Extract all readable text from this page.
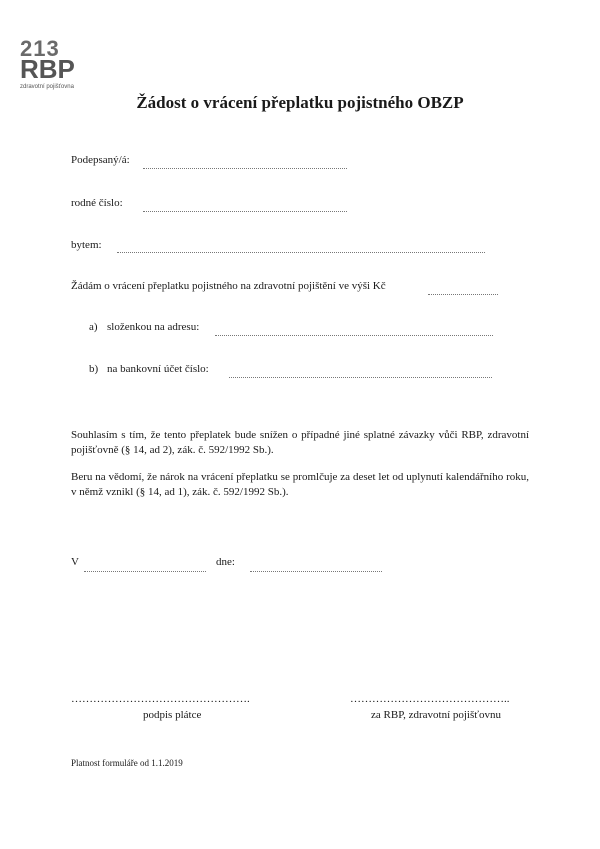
213
RBP
zdravotní pojišťovna
Žádost o vrácení přeplatku pojistného OBZP
Podepsaný/á:
rodné číslo:
bytem:
Žádám o vrácení přeplatku pojistného na zdravotní pojištění ve výši Kč
a) složenkou na adresu:
b) na bankovní účet číslo:
Souhlasím s tím, že tento přeplatek bude snížen o případné jiné splatné závazky vůči RBP, zdravotní pojišťovně (§ 14, ad 2), zák. č. 592/1992 Sb.).
Beru na vědomí, že nárok na vrácení přeplatku se promlčuje za deset let od uplynutí kalendářního roku, v němž vznikl (§ 14, ad 1), zák. č. 592/1992 Sb.).
V	dne:
………………………………………….
podpis plátce
……………………………………..
za RBP, zdravotní pojišťovnu
Platnost formuláře od 1.1.2019
